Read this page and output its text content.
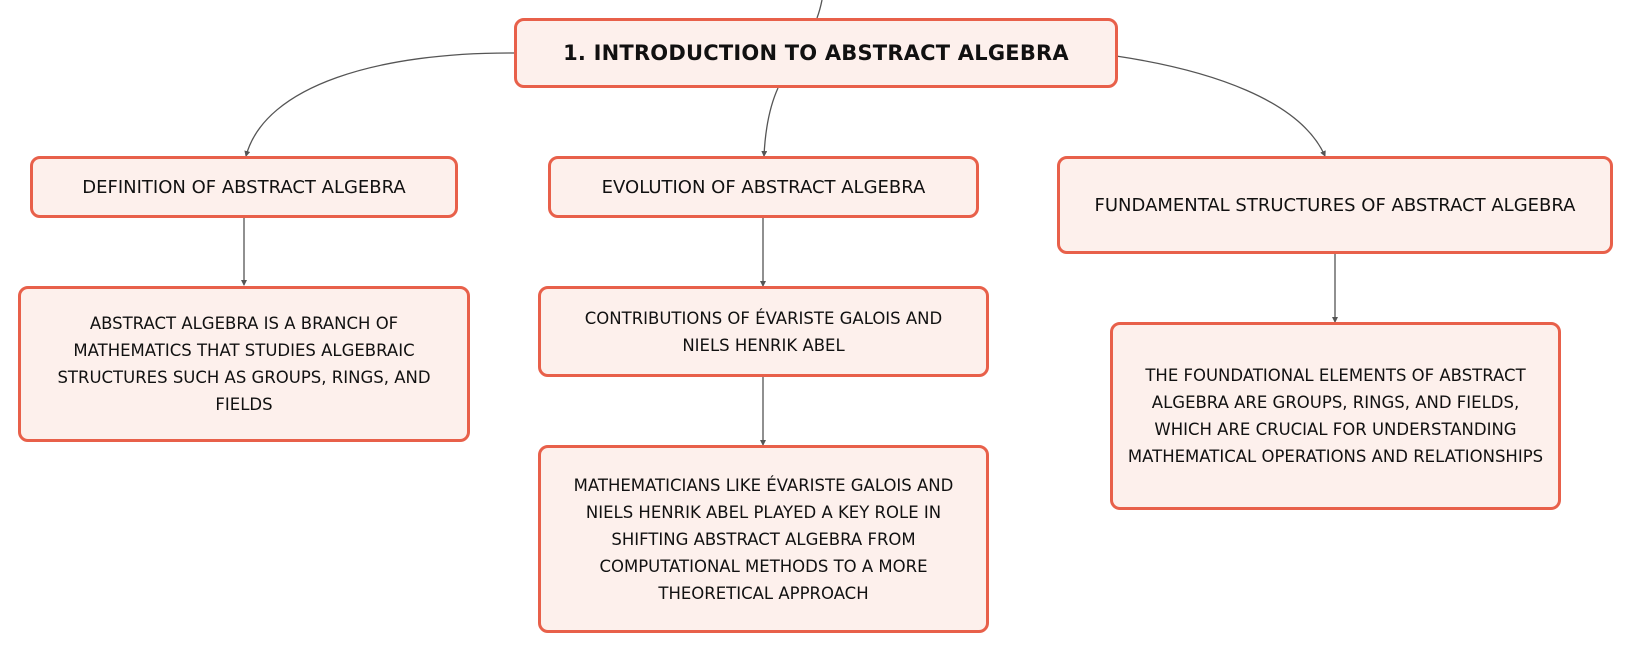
1. INTRODUCTION TO ABSTRACT ALGEBRA
DEFINITION OF ABSTRACT ALGEBRA
ABSTRACT ALGEBRA IS A BRANCH OF MATHEMATICS THAT STUDIES ALGEBRAIC STRUCTURES SUCH AS GROUPS, RINGS, AND FIELDS
EVOLUTION OF ABSTRACT ALGEBRA
CONTRIBUTIONS OF ÉVARISTE GALOIS AND NIELS HENRIK ABEL
MATHEMATICIANS LIKE ÉVARISTE GALOIS AND NIELS HENRIK ABEL PLAYED A KEY ROLE IN SHIFTING ABSTRACT ALGEBRA FROM COMPUTATIONAL METHODS TO A MORE THEORETICAL APPROACH
FUNDAMENTAL STRUCTURES OF ABSTRACT ALGEBRA
THE FOUNDATIONAL ELEMENTS OF ABSTRACT ALGEBRA ARE GROUPS, RINGS, AND FIELDS, WHICH ARE CRUCIAL FOR UNDERSTANDING MATHEMATICAL OPERATIONS AND RELATIONSHIPS
